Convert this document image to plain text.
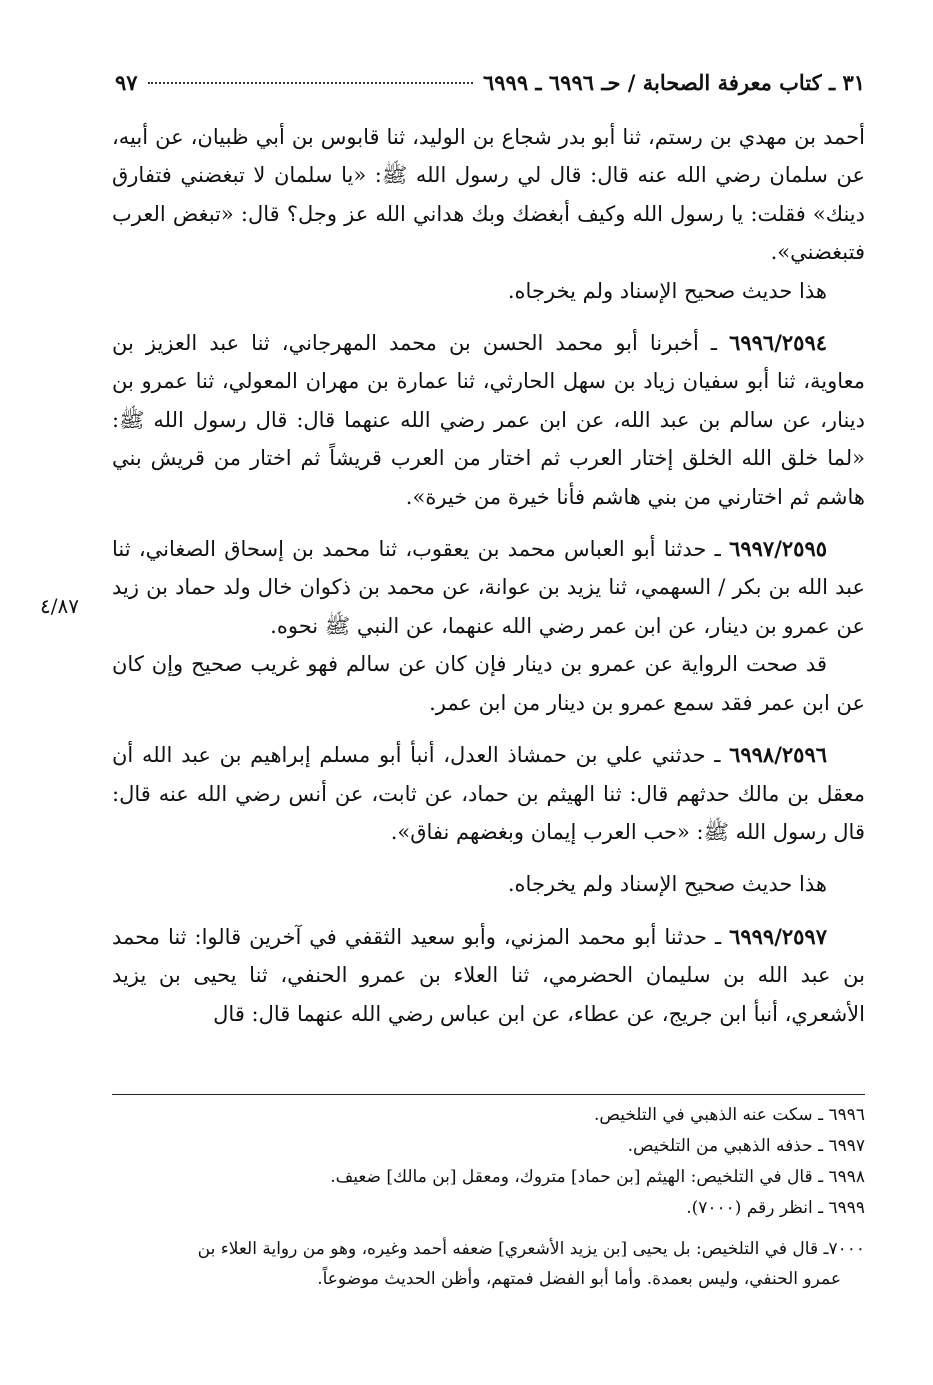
٣١ ـ كتاب معرفة الصحابة / حـ ٦٩٩٦ ـ ٦٩٩٩
٩٧
٤/٨٧

أحمد بن مهدي بن رستم، ثنا أبو بدر شجاع بن الوليد، ثنا قابوس بن أبي ظبيان، عن أبيه، عن سلمان رضي الله عنه قال: قال لي رسول الله ﷺ: «يا سلمان لا تبغضني فتفارق دينك» فقلت: يا رسول الله وكيف أبغضك وبك هداني الله عز وجل؟ قال: «تبغض العرب فتبغضني».

هذا حديث صحيح الإسناد ولم يخرجاه.

٦٩٩٦/٢٥٩٤ ـ أخبرنا أبو محمد الحسن بن محمد المهرجاني، ثنا عبد العزيز بن معاوية، ثنا أبو سفيان زياد بن سهل الحارثي، ثنا عمارة بن مهران المعولي، ثنا عمرو بن دينار، عن سالم بن عبد الله، عن ابن عمر رضي الله عنهما قال: قال رسول الله ﷺ: «لما خلق الله الخلق إختار العرب ثم اختار من العرب قريشاً ثم اختار من قريش بني هاشم ثم اختارني من بني هاشم فأنا خيرة من خيرة».

٦٩٩٧/٢٥٩٥ ـ حدثنا أبو العباس محمد بن يعقوب، ثنا محمد بن إسحاق الصغاني، ثنا عبد الله بن بكر / السهمي، ثنا يزيد بن عوانة، عن محمد بن ذكوان خال ولد حماد بن زيد عن عمرو بن دينار، عن ابن عمر رضي الله عنهما، عن النبي ﷺ نحوه.

قد صحت الرواية عن عمرو بن دينار فإن كان عن سالم فهو غريب صحيح وإن كان عن ابن عمر فقد سمع عمرو بن دينار من ابن عمر.

٦٩٩٨/٢٥٩٦ ـ حدثني علي بن حمشاذ العدل، أنبأ أبو مسلم إبراهيم بن عبد الله أن معقل بن مالك حدثهم قال: ثنا الهيثم بن حماد، عن ثابت، عن أنس رضي الله عنه قال: قال رسول الله ﷺ: «حب العرب إيمان وبغضهم نفاق».

هذا حديث صحيح الإسناد ولم يخرجاه.

٦٩٩٩/٢٥٩٧ ـ حدثنا أبو محمد المزني، وأبو سعيد الثقفي في آخرين قالوا: ثنا محمد بن عبد الله بن سليمان الحضرمي، ثنا العلاء بن عمرو الحنفي، ثنا يحيى بن يزيد الأشعري، أنبأ ابن جريج، عن عطاء، عن ابن عباس رضي الله عنهما قال: قال

٦٩٩٦ ـ سكت عنه الذهبي في التلخيص.

٦٩٩٧ ـ حذفه الذهبي من التلخيص.

٦٩٩٨ ـ قال في التلخيص: الهيثم [بن حماد] متروك، ومعقل [بن مالك] ضعيف.

٦٩٩٩ ـ انظر رقم (٧٠٠٠).

٧٠٠٠ـ قال في التلخيص: بل يحيى [بن يزيد الأشعري] ضعفه أحمد وغيره، وهو من رواية العلاء بن

عمرو الحنفي، وليس بعمدة. وأما أبو الفضل فمتهم، وأظن الحديث موضوعاً.
